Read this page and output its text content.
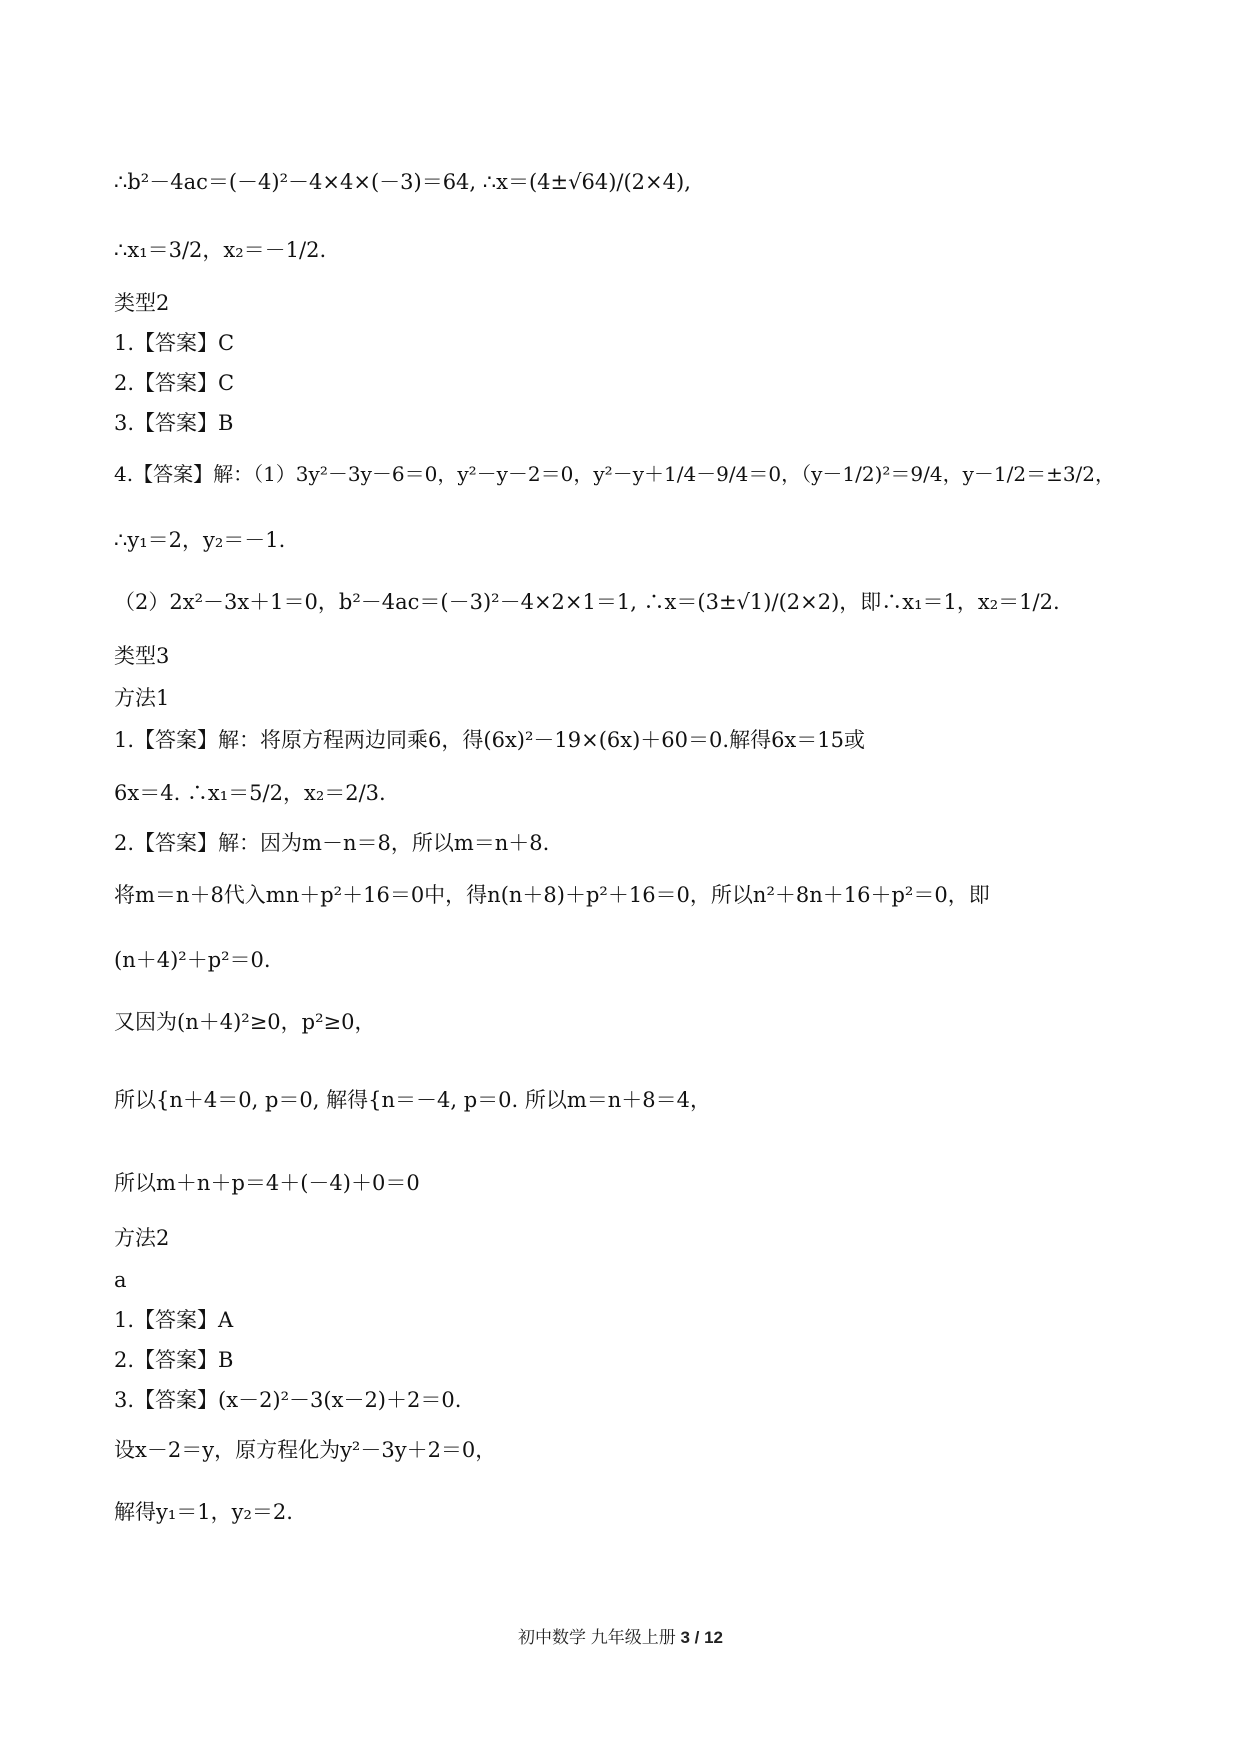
∴b²－4ac＝(－4)²－4×4×(－3)＝64, ∴x＝(4±√64)/(2×4),
∴x₁＝3/2，x₂＝－1/2.
类型2
1.【答案】C
2.【答案】C
3.【答案】B
4.【答案】解：（1）3y²－3y－6＝0，y²－y－2＝0，y²－y＋1/4－9/4＝0，（y－1/2)²＝9/4，y－1/2＝±3/2，
∴y₁＝2，y₂＝－1.
（2）2x²－3x＋1＝0，b²－4ac＝(－3)²－4×2×1＝1, ∴x＝(3±√1)/(2×2)，即∴x₁＝1，x₂＝1/2.
类型3
方法1
1.【答案】解：将原方程两边同乘6，得(6x)²－19×(6x)＋60＝0.解得6x＝15或
6x＝4. ∴x₁＝5/2，x₂＝2/3.
2.【答案】解：因为m－n＝8，所以m＝n＋8.
将m＝n＋8代入mn＋p²＋16＝0中，得n(n＋8)＋p²＋16＝0，所以n²＋8n＋16＋p²＝0，即
(n＋4)²＋p²＝0.
又因为(n＋4)²≥0，p²≥0，
所以{n＋4＝0, p＝0, 解得{n＝－4, p＝0. 所以m＝n＋8＝4，
所以m＋n＋p＝4＋(－4)＋0＝0
方法2
a
1.【答案】A
2.【答案】B
3.【答案】(x－2)²－3(x－2)＋2＝0.
设x－2＝y，原方程化为y²－3y＋2＝0，
解得y₁＝1，y₂＝2.
初中数学 九年级上册 3 / 12
